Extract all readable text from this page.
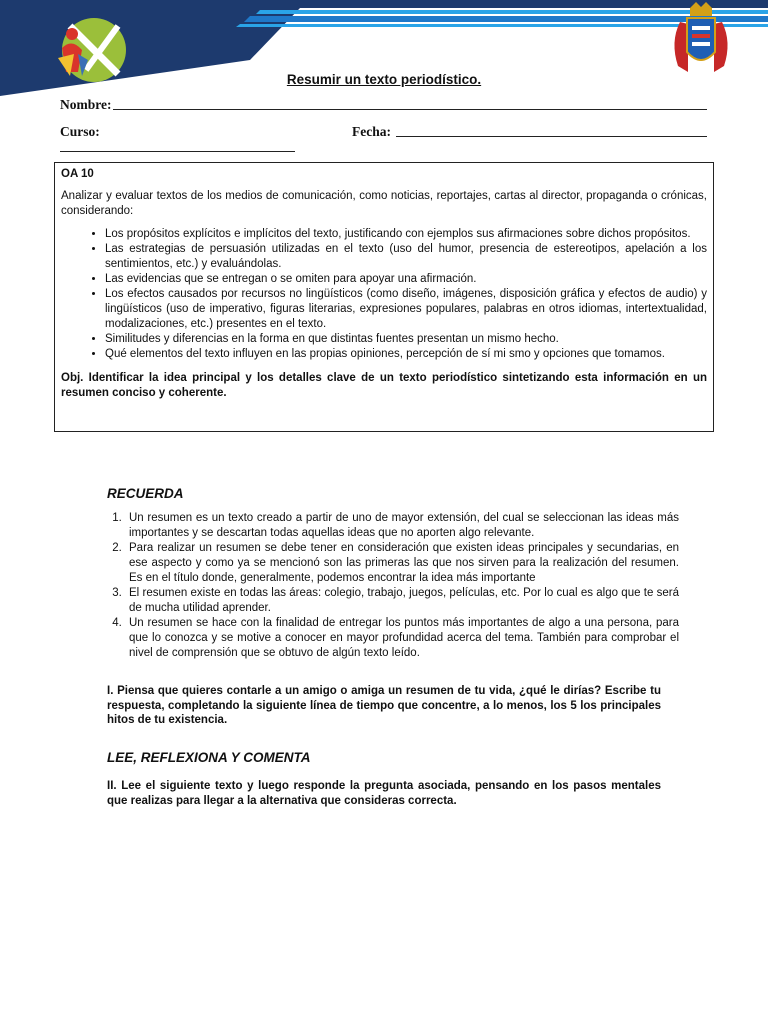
Resumir un texto periodístico.
Nombre:
Curso:	Fecha:
OA 10

Analizar y evaluar textos de los medios de comunicación, como noticias, reportajes, cartas al director, propaganda o crónicas, considerando:

• Los propósitos explícitos e implícitos del texto, justificando con ejemplos sus afirmaciones sobre dichos propósitos.
• Las estrategias de persuasión utilizadas en el texto (uso del humor, presencia de estereotipos, apelación a los sentimientos, etc.) y evaluándolas.
• Las evidencias que se entregan o se omiten para apoyar una afirmación.
• Los efectos causados por recursos no lingüísticos (como diseño, imágenes, disposición gráfica y efectos de audio) y lingüísticos (uso de imperativo, figuras literarias, expresiones populares, palabras en otros idiomas, intertextualidad, modalizaciones, etc.) presentes en el texto.
• Similitudes y diferencias en la forma en que distintas fuentes presentan un mismo hecho.
• Qué elementos del texto influyen en las propias opiniones, percepción de sí mi smo y opciones que tomamos.
Obj. Identificar la idea principal y los detalles clave de un texto periodístico sintetizando esta información en un resumen conciso y coherente.
RECUERDA
1. Un resumen es un texto creado a partir de uno de mayor extensión, del cual se seleccionan las ideas más importantes y se descartan todas aquellas ideas que no aporten algo relevante.
2. Para realizar un resumen se debe tener en consideración que existen ideas principales y secundarias, en ese aspecto y como ya se mencionó son las primeras las que nos sirven para la realización del resumen. Es en el título donde, generalmente, podemos encontrar la idea más importante
3. El resumen existe en todas las áreas: colegio, trabajo, juegos, películas, etc. Por lo cual es algo que te será de mucha utilidad aprender.
4. Un resumen se hace con la finalidad de entregar los puntos más importantes de algo a una persona, para que lo conozca y se motive a conocer en mayor profundidad acerca del tema. También para comprobar el nivel de comprensión que se obtuvo de algún texto leído.
I. Piensa que quieres contarle a un amigo o amiga un resumen de tu vida, ¿qué le dirías? Escribe tu respuesta, completando la siguiente línea de tiempo que concentre, a lo menos, los 5 los principales hitos de tu existencia.
LEE, REFLEXIONA Y COMENTA
II. Lee el siguiente texto y luego responde la pregunta asociada, pensando en los pasos mentales que realizas para llegar a la alternativa que consideras correcta.
